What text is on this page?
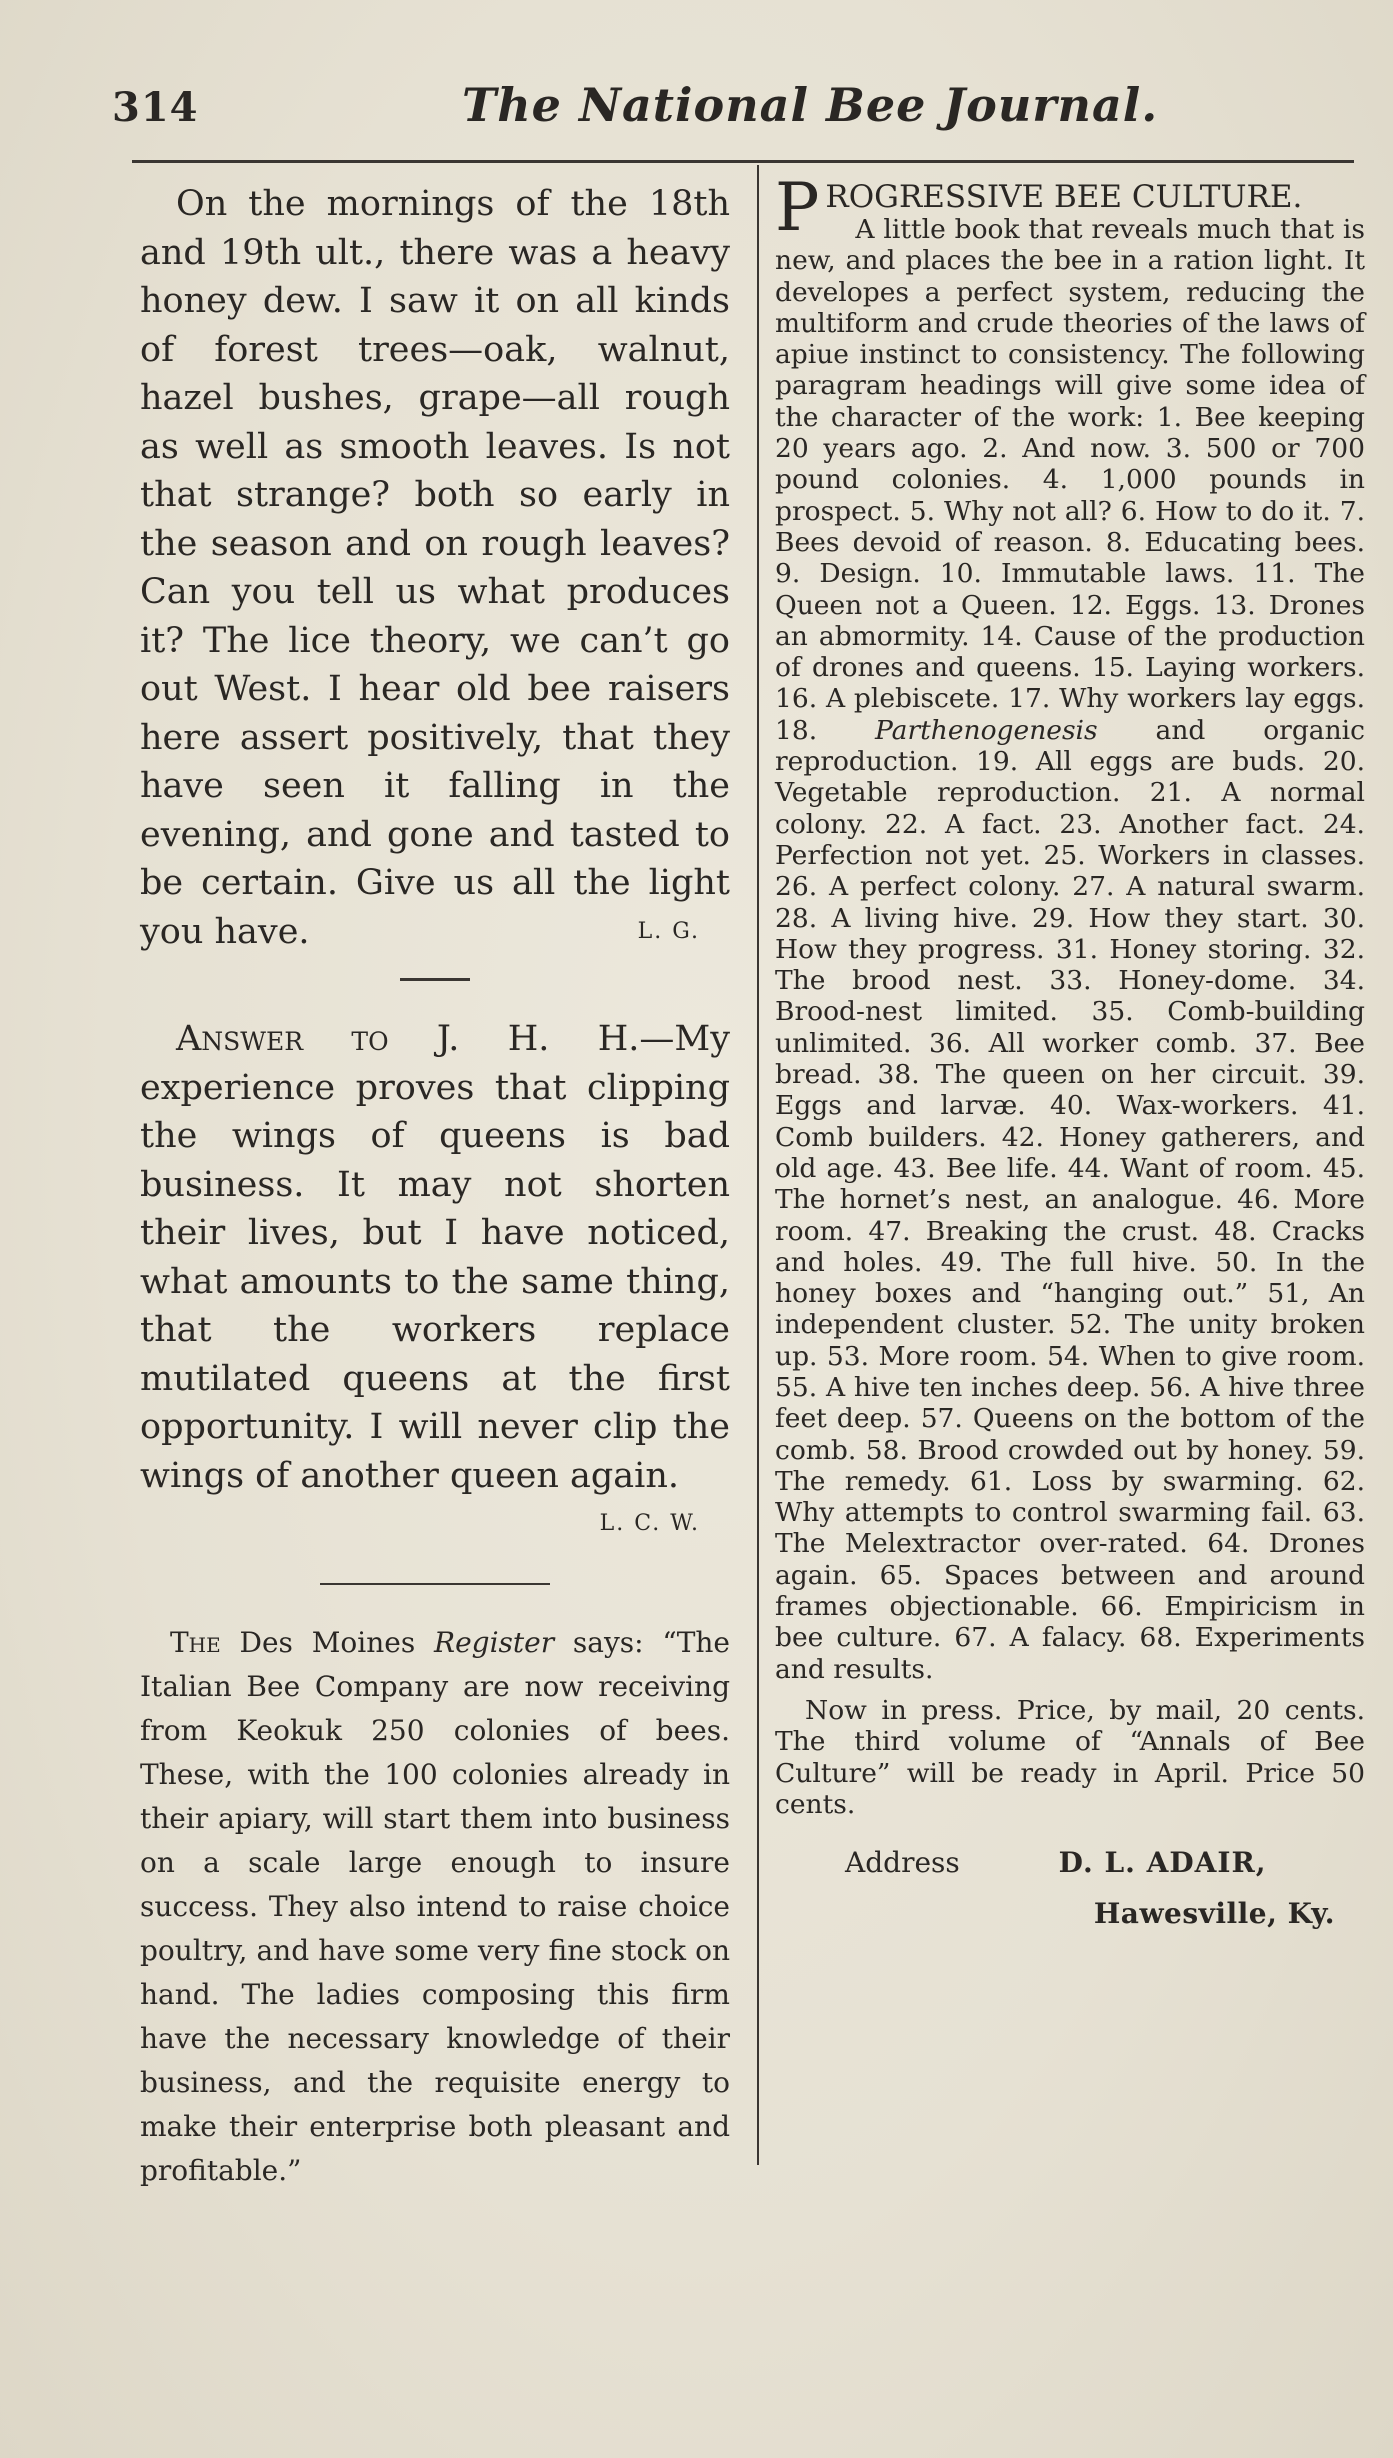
314	The National Bee Journal.

On the mornings of the 18th and 19th ult., there was a heavy honey dew. I saw it on all kinds of forest trees—oak, walnut, hazel bushes, grape—all rough as well as smooth leaves. Is not that strange? both so early in the season and on rough leaves? Can you tell us what produces it? The lice theory, we can’t go out West. I hear old bee raisers here assert positively, that they have seen it falling in the evening, and gone and tasted to be certain. Give us all the light you have.	L. G.

Answer to J. H. H.—My experience proves that clipping the wings of queens is bad business. It may not shorten their lives, but I have noticed, what amounts to the same thing, that the workers replace mutilated queens at the first opportunity. I will never clip the wings of another queen again.
L. C. W.

The Des Moines Register says: “The Italian Bee Company are now receiving from Keokuk 250 colonies of bees. These, with the 100 colonies already in their apiary, will start them into business on a scale large enough to insure success. They also intend to raise choice poultry, and have some very fine stock on hand. The ladies composing this firm have the necessary knowledge of their business, and the requisite energy to make their enterprise both pleasant and profitable.”

PROGRESSIVE BEE CULTURE.

A little book that reveals much that is new, and places the bee in a ration light. It developes a perfect system, reducing the multiform and crude theories of the laws of apiue instinct to consistency. The following paragram headings will give some idea of the character of the work: 1. Bee keeping 20 years ago. 2. And now. 3. 500 or 700 pound colonies. 4. 1,000 pounds in prospect. 5. Why not all? 6. How to do it. 7. Bees devoid of reason. 8. Educating bees. 9. Design. 10. Immutable laws. 11. The Queen not a Queen. 12. Eggs. 13. Drones an abmormity. 14. Cause of the production of drones and queens. 15. Laying workers. 16. A plebiscete. 17. Why workers lay eggs. 18. Parthenogenesis and organic reproduction. 19. All eggs are buds. 20. Vegetable reproduction. 21. A normal colony. 22. A fact. 23. Another fact. 24. Perfection not yet. 25. Workers in classes. 26. A perfect colony. 27. A natural swarm. 28. A living hive. 29. How they start. 30. How they progress. 31. Honey storing. 32. The brood nest. 33. Honey-dome. 34. Brood-nest limited. 35. Comb-building unlimited. 36. All worker comb. 37. Bee bread. 38. The queen on her circuit. 39. Eggs and larvæ. 40. Wax-workers. 41. Comb builders. 42. Honey gatherers, and old age. 43. Bee life. 44. Want of room. 45. The hornet’s nest, an analogue. 46. More room. 47. Breaking the crust. 48. Cracks and holes. 49. The full hive. 50. In the honey boxes and “hanging out.” 51, An independent cluster. 52. The unity broken up. 53. More room. 54. When to give room. 55. A hive ten inches deep. 56. A hive three feet deep. 57. Queens on the bottom of the comb. 58. Brood crowded out by honey. 59. The remedy. 61. Loss by swarming. 62. Why attempts to control swarming fail. 63. The Melextractor over-rated. 64. Drones again. 65. Spaces between and around frames objectionable. 66. Empiricism in bee culture. 67. A falacy. 68. Experiments and results.

Now in press. Price, by mail, 20 cents. The third volume of “Annals of Bee Culture” will be ready in April. Price 50 cents.

Address	D. L. ADAIR,
Hawesville, Ky.
